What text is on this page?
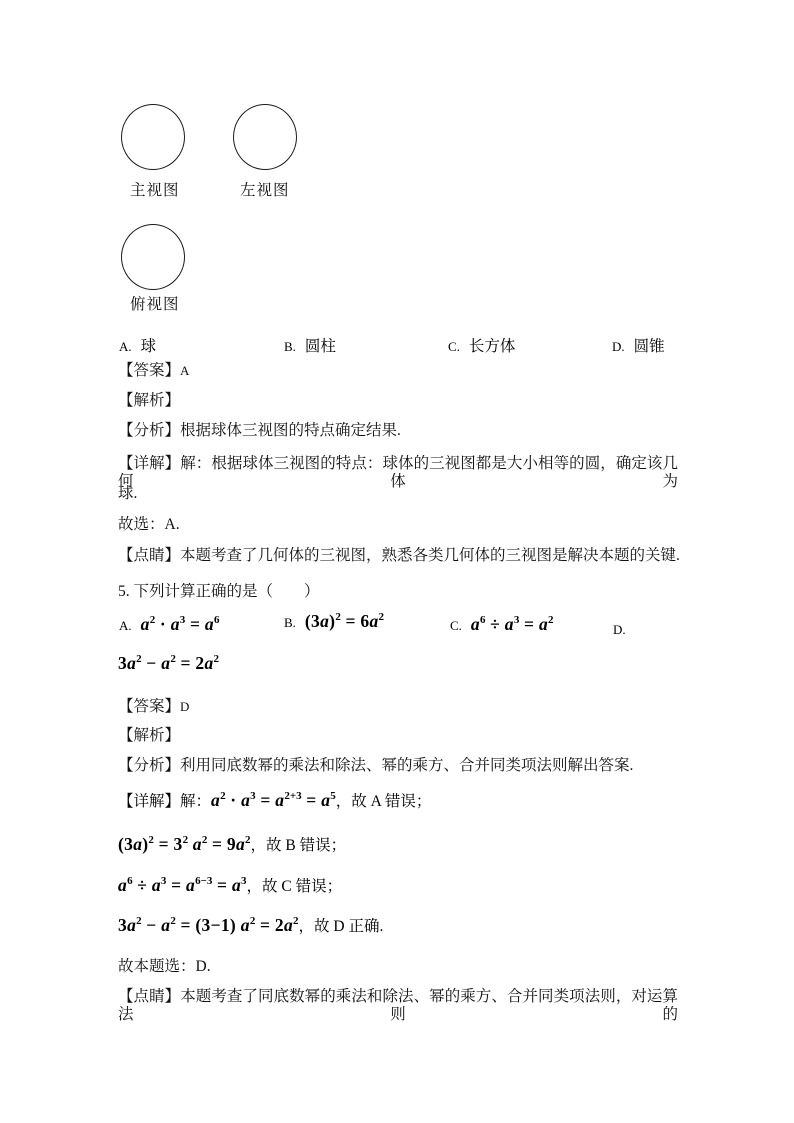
主视图	左视图
俯视图
A. 球	B. 圆柱	C. 长方体	D. 圆锥
【答案】A
【解析】
【分析】根据球体三视图的特点确定结果.
【详解】解：根据球体三视图的特点：球体的三视图都是大小相等的圆，确定该几何体为
球.
故选：A.
【点睛】本题考查了几何体的三视图，熟悉各类几何体的三视图是解决本题的关键.
5. 下列计算正确的是（　　）
A. $a^2 \cdot a^3 = a^6$	B. $(3a)^2 = 6a^2$
C. $a^6 \div a^3 = a^2$
D.
$3a^2 - a^2 = 2a^2$
【答案】D
【解析】
【分析】利用同底数幂的乘法和除法、幂的乘方、合并同类项法则解出答案.
【详解】解： $a^2 \cdot a^3 = a^{2+3} = a^5$ ，故 A 错误；
$(3a)^2 = 3^2$ $a^2 = 9a^2$ ，故 B 错误；
$a^6 \div a^3 = a^{6-3} = a^3$ ，故 C 错误；
$3a^2 - a^2 = (3-1) a^2 = 2a^2$ ，故 D 正确.
故本题选：D.
【点睛】本题考查了同底数幂的乘法和除法、幂的乘方、合并同类项法则，对运算法则的
